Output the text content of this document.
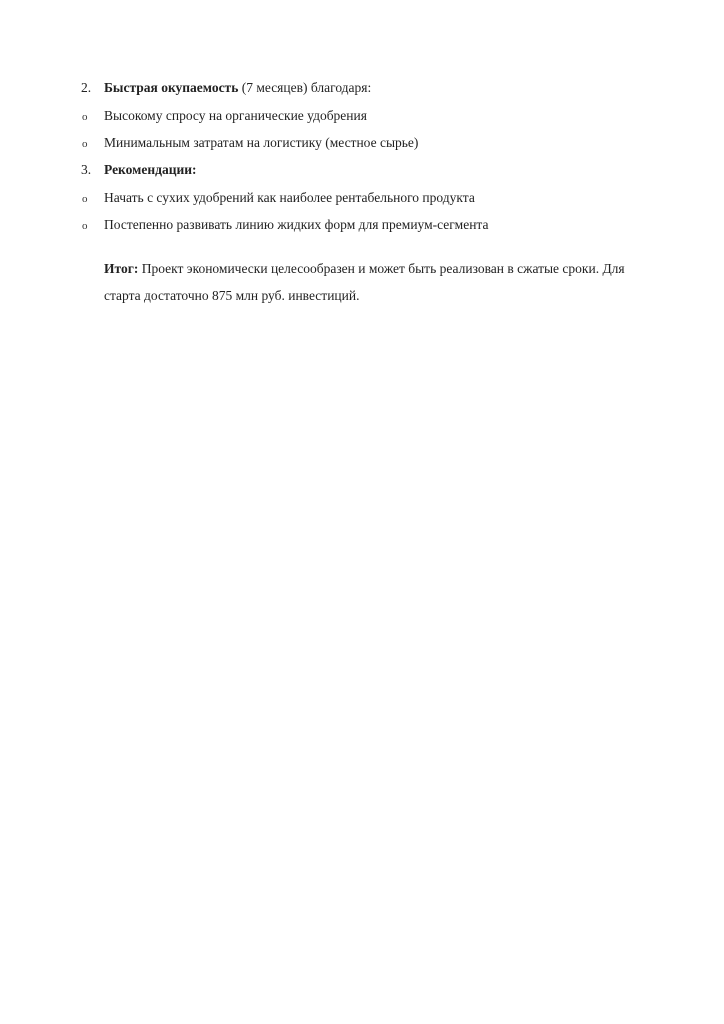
2. Быстрая окупаемость (7 месяцев) благодаря:
o Высокому спросу на органические удобрения
o Минимальным затратам на логистику (местное сырье)
3. Рекомендации:
o Начать с сухих удобрений как наиболее рентабельного продукта
o Постепенно развивать линию жидких форм для премиум-сегмента
Итог: Проект экономически целесообразен и может быть реализован в сжатые сроки. Для
старта достаточно 875 млн руб. инвестиций.
